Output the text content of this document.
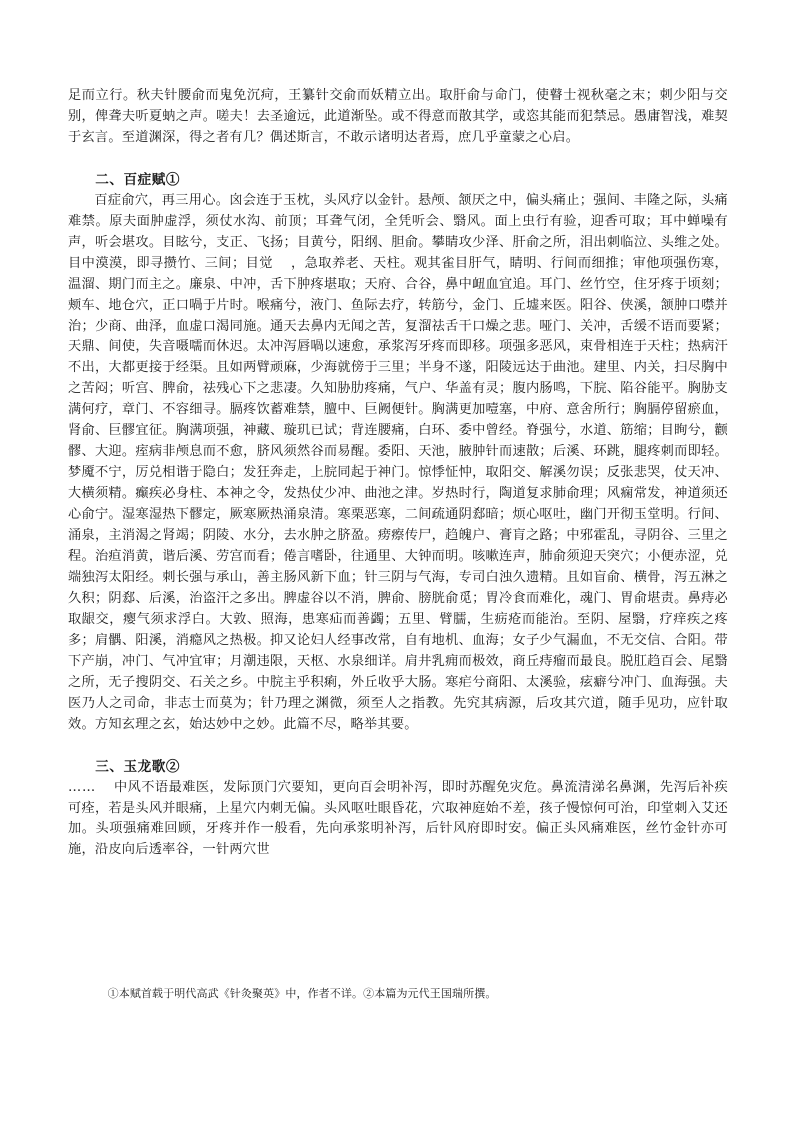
足而立行。秋夫针腰俞而鬼免沉疴，王纂针交俞而妖精立出。取肝俞与命门，使瞽士视秋毫之末；刺少阳与交别，俾聋夫听夏蚋之声。嗟夫！去圣逾远，此道渐坠。或不得意而散其学，或恣其能而犯禁忌。愚庸智浅，难契于玄言。至道渊深，得之者有几？偶述斯言，不敢示诸明达者焉，庶几乎童蒙之心启。

二、百症赋①

百症俞穴，再三用心。囟会连于玉枕，头风疗以金针。悬颅、颔厌之中，偏头痛止；强间、丰隆之际，头痛难禁。原夫面肿虚浮，须仗水沟、前顶；耳聋气闭，全凭听会、翳风。面上虫行有验，迎香可取；耳中蝉噪有声，听会堪攻。目眩兮，支正、飞扬；目黄兮，阳纲、胆俞。攀睛攻少泽、肝俞之所，泪出刺临泣、头维之处。目中漠漠，即寻攒竹、三间；目觉 ，急取养老、天柱。观其雀目肝气，睛明、行间而细推；审他项强伤寒，温溜、期门而主之。廉泉、中冲，舌下肿疼堪取；天府、合谷，鼻中衄血宜追。耳门、丝竹空，住牙疼于顷刻；颊车、地仓穴，正口喎于片时。喉痛兮，液门、鱼际去疗，转筋兮，金门、丘墟来医。阳谷、侠溪，颔肿口噤并治；少商、曲泽，血虚口渴同施。通天去鼻内无闻之苦，复溜祛舌干口燥之悲。哑门、关冲，舌缓不语而要紧；天鼎、间使，失音嗫嚅而休迟。太冲泻唇喎以速愈，承浆泻牙疼而即移。项强多恶风，束骨相连于天柱；热病汗不出，大都更接于经渠。且如两臂顽麻，少海就傍于三里；半身不遂，阳陵远达于曲池。建里、内关，扫尽胸中之苦闷；听宫、脾俞，祛残心下之悲凄。久知胁肋疼痛，气户、华盖有灵；腹内肠鸣，下脘、陷谷能平。胸胁支满何疗，章门、不容细寻。膈疼饮蓄难禁，膻中、巨阙便针。胸满更加噎塞，中府、意舍所行；胸膈停留瘀血，肾俞、巨髎宜征。胸满项强，神藏、璇玑已试；背连腰痛，白环、委中曾经。脊强兮，水道、筋缩；目眴兮，颧髎、大迎。痓病非颅息而不愈，脐风须然谷而易醒。委阳、天池，腋肿针而速散；后溪、环跳，腿疼刺而即轻。梦魇不宁，厉兑相谐于隐白；发狂奔走，上脘同起于神门。惊悸怔忡，取阳交、解溪勿误；反张悲哭，仗天冲、大横须精。癫疾必身柱、本神之令，发热仗少冲、曲池之津。岁热时行，陶道复求肺俞理；风痫常发，神道须还心俞宁。湿寒湿热下髎定，厥寒厥热涌泉清。寒栗恶寒，二间疏通阴郄暗；烦心呕吐，幽门开彻玉堂明。行间、涌泉，主消渴之肾竭；阴陵、水分，去水肿之脐盈。痨瘵传尸，趋魄户、膏肓之路；中邪霍乱，寻阴谷、三里之程。治疸消黄，谐后溪、劳宫而看；倦言嗜卧，往通里、大钟而明。咳嗽连声，肺俞须迎天突穴；小便赤涩，兑端独泻太阳经。刺长强与承山，善主肠风新下血；针三阴与气海，专司白浊久遗精。且如盲俞、横骨，泻五淋之久积；阴郄、后溪，治盗汗之多出。脾虚谷以不消，脾俞、膀胱俞觅；胃冷食而难化，魂门、胃俞堪责。鼻痔必取龈交，瘿气须求浮白。大敦、照海，患寒疝而善蠲；五里、臂臑，生疬疮而能治。至阴、屋翳，疗痒疾之疼多；肩髃、阳溪，消瘾风之热极。抑又论妇人经事改常，自有地机、血海；女子少气漏血，不无交信、合阳。带下产崩，冲门、气冲宜审；月潮违限，天枢、水泉细详。肩井乳痈而极效，商丘痔瘤而最良。脱肛趋百会、尾翳之所，无子搜阴交、石关之乡。中脘主乎积痢，外丘收乎大肠。寒疟兮商阳、太溪验，痃癖兮冲门、血海强。夫医乃人之司命，非志士而莫为；针乃理之渊微，须至人之指教。先究其病源，后攻其穴道，随手见功，应针取效。方知玄理之玄，始达妙中之妙。此篇不尽，略举其要。

三、玉龙歌②

…… 中风不语最难医，发际顶门穴要知，更向百会明补泻，即时苏醒免灾危。鼻流清涕名鼻渊，先泻后补疾可痊，若是头风并眼痛，上星穴内刺无偏。头风呕吐眼昏花，穴取神庭始不差，孩子慢惊何可治，印堂刺入艾还加。头项强痛难回顾，牙疼并作一般看，先向承浆明补泻，后针风府即时安。偏正头风痛难医，丝竹金针亦可施，沿皮向后透率谷，一针两穴世

①本赋首载于明代高武《针灸聚英》中，作者不详。②本篇为元代王国瑞所撰。
